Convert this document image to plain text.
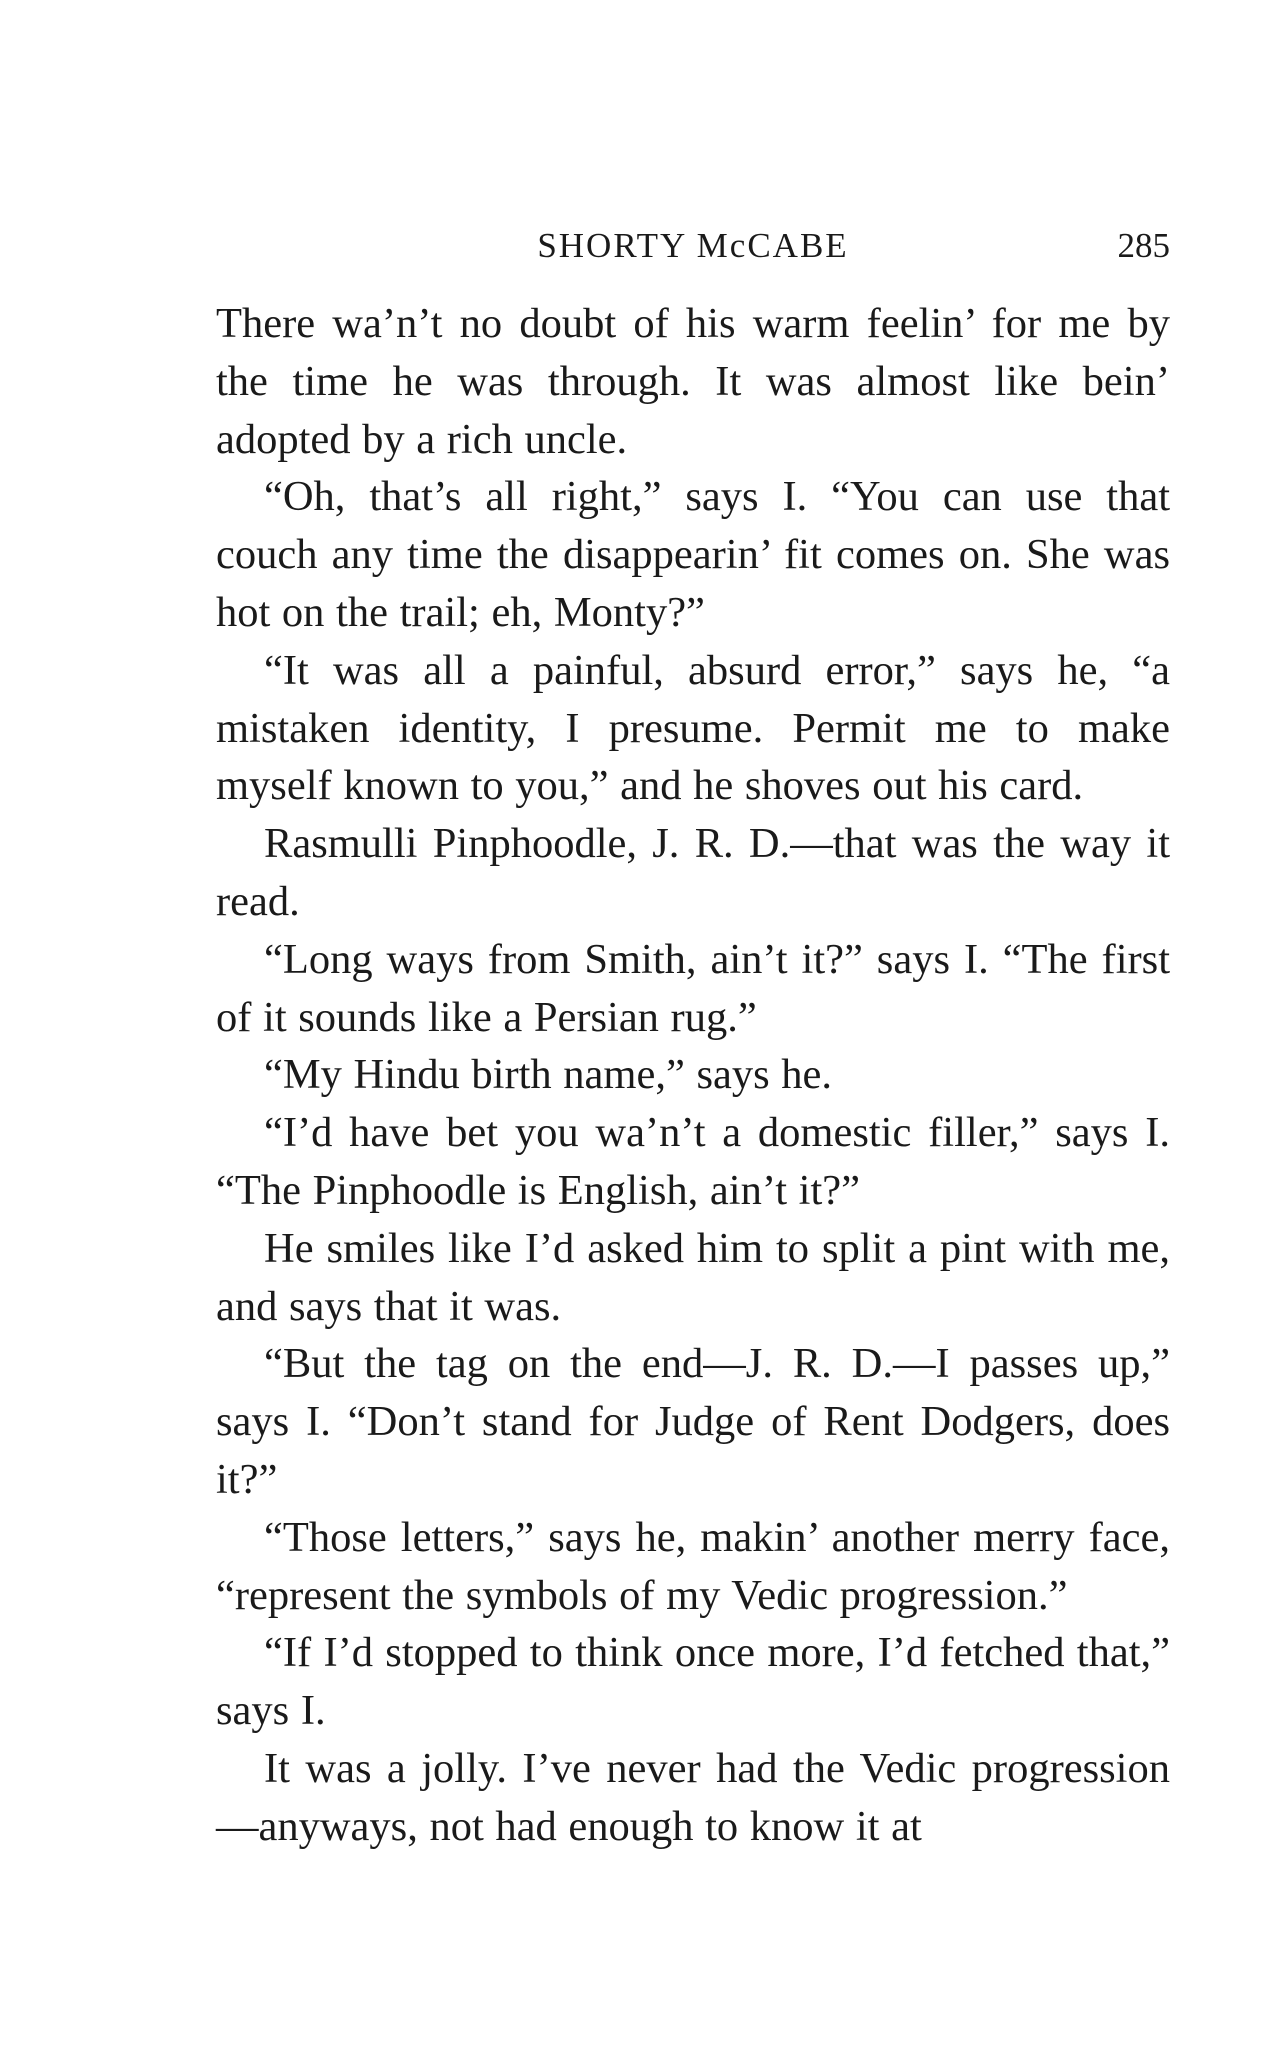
SHORTY McCABE	285

There wa’n’t no doubt of his warm feelin’ for me by the time he was through. It was almost like bein’ adopted by a rich uncle.

“Oh, that’s all right,” says I. “You can use that couch any time the disappearin’ fit comes on. She was hot on the trail; eh, Monty?”

“It was all a painful, absurd error,” says he, “a mistaken identity, I presume. Permit me to make myself known to you,” and he shoves out his card.

Rasmulli Pinphoodle, J. R. D.—that was the way it read.

“Long ways from Smith, ain’t it?” says I. “The first of it sounds like a Persian rug.”

“My Hindu birth name,” says he.

“I’d have bet you wa’n’t a domestic filler,” says I. “The Pinphoodle is English, ain’t it?”

He smiles like I’d asked him to split a pint with me, and says that it was.

“But the tag on the end—J. R. D.—I passes up,” says I. “Don’t stand for Judge of Rent Dodgers, does it?”

“Those letters,” says he, makin’ another merry face, “represent the symbols of my Vedic progression.”

“If I’d stopped to think once more, I’d fetched that,” says I.

It was a jolly. I’ve never had the Vedic progression—anyways, not had enough to know it at
